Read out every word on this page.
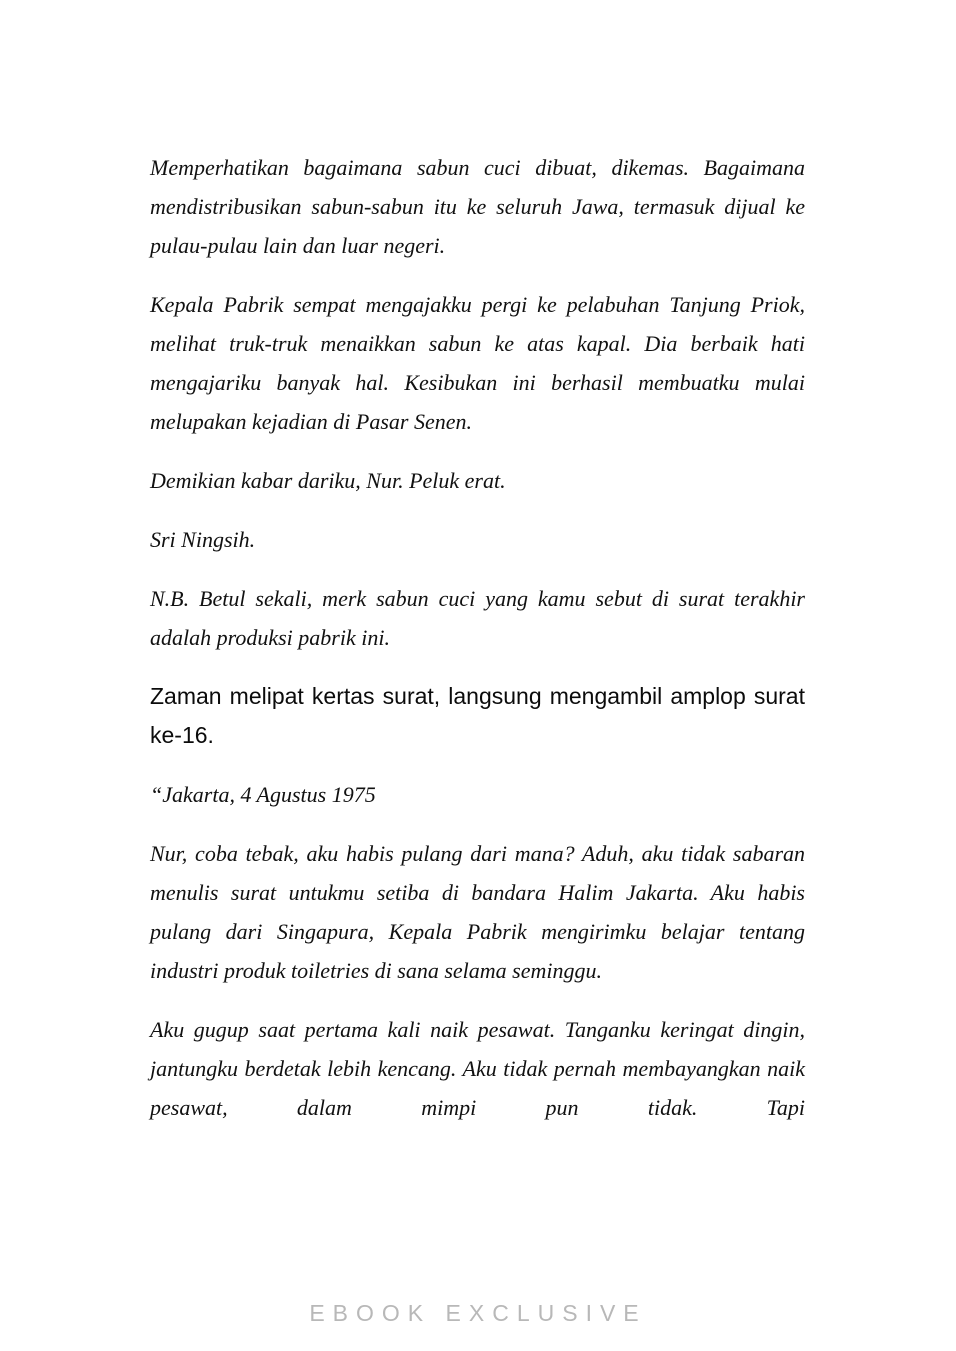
Memperhatikan bagaimana sabun cuci dibuat, dikemas. Bagaimana mendistribusikan sabun-sabun itu ke seluruh Jawa, termasuk dijual ke pulau-pulau lain dan luar negeri.

Kepala Pabrik sempat mengajakku pergi ke pelabuhan Tanjung Priok, melihat truk-truk menaikkan sabun ke atas kapal. Dia berbaik hati mengajariku banyak hal. Kesibukan ini berhasil membuatku mulai melupakan kejadian di Pasar Senen.

Demikian kabar dariku, Nur. Peluk erat.

Sri Ningsih.

N.B. Betul sekali, merk sabun cuci yang kamu sebut di surat terakhir adalah produksi pabrik ini.

Zaman melipat kertas surat, langsung mengambil amplop surat ke-16.

“Jakarta, 4 Agustus 1975

Nur, coba tebak, aku habis pulang dari mana? Aduh, aku tidak sabaran menulis surat untukmu setiba di bandara Halim Jakarta. Aku habis pulang dari Singapura, Kepala Pabrik mengirimku belajar tentang industri produk toiletries di sana selama seminggu.

Aku gugup saat pertama kali naik pesawat. Tanganku keringat dingin, jantungku berdetak lebih kencang. Aku tidak pernah membayangkan naik pesawat, dalam mimpi pun tidak. Tapi

EBOOK EXCLUSIVE
